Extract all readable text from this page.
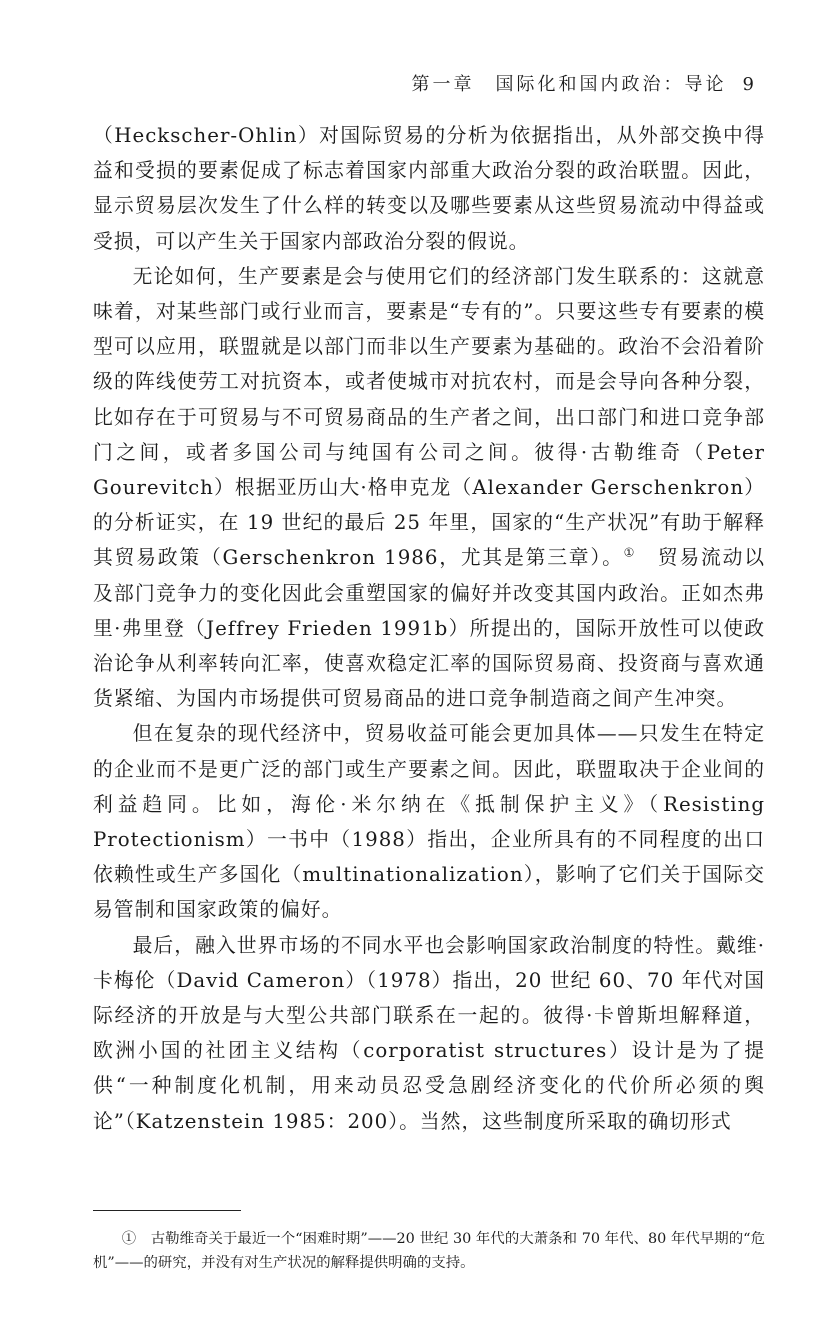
第一章　国际化和国内政治：导论 9

（Heckscher-Ohlin）对国际贸易的分析为依据指出，从外部交换中得益和受损的要素促成了标志着国家内部重大政治分裂的政治联盟。因此，显示贸易层次发生了什么样的转变以及哪些要素从这些贸易流动中得益或受损，可以产生关于国家内部政治分裂的假说。

无论如何，生产要素是会与使用它们的经济部门发生联系的：这就意味着，对某些部门或行业而言，要素是“专有的”。只要这些专有要素的模型可以应用，联盟就是以部门而非以生产要素为基础的。政治不会沿着阶级的阵线使劳工对抗资本，或者使城市对抗农村，而是会导向各种分裂，比如存在于可贸易与不可贸易商品的生产者之间，出口部门和进口竞争部门之间，或者多国公司与纯国有公司之间。彼得·古勒维奇（Peter Gourevitch）根据亚历山大·格申克龙（Alexander Gerschenkron）的分析证实，在 19 世纪的最后 25 年里，国家的“生产状况”有助于解释其贸易政策（Gerschenkron 1986，尤其是第三章）。①　 贸易流动以及部门竞争力的变化因此会重塑国家的偏好并改变其国内政治。正如杰弗里·弗里登（Jeffrey Frieden 1991b）所提出的，国际开放性可以使政治论争从利率转向汇率，使喜欢稳定汇率的国际贸易商、投资商与喜欢通货紧缩、为国内市场提供可贸易商品的进口竞争制造商之间产生冲突。

但在复杂的现代经济中，贸易收益可能会更加具体——只发生在特定的企业而不是更广泛的部门或生产要素之间。因此，联盟取决于企业间的利益趋同。比如，海伦·米尔纳在《抵制保护主义》（Resisting Protectionism）一书中（1988）指出，企业所具有的不同程度的出口依赖性或生产多国化（multinationalization），影响了它们关于国际交易管制和国家政策的偏好。

最后，融入世界市场的不同水平也会影响国家政治制度的特性。戴维·卡梅伦（David Cameron）（1978）指出，20 世纪 60、70 年代对国际经济的开放是与大型公共部门联系在一起的。彼得·卡曾斯坦解释道，欧洲小国的社团主义结构（corporatist structures）设计是为了提供“一种制度化机制，用来动员忍受急剧经济变化的代价所必须的舆论”（Katzenstein 1985：200）。当然，这些制度所采取的确切形式

①　古勒维奇关于最近一个“困难时期”——20 世纪 30 年代的大萧条和 70 年代、80 年代早期的“危机”——的研究，并没有对生产状况的解释提供明确的支持。
